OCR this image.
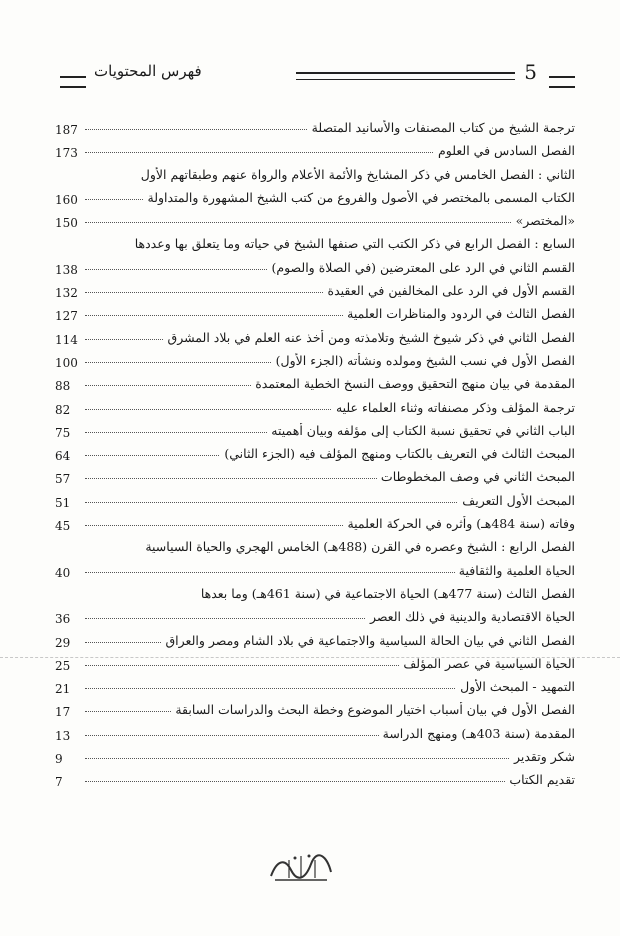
ﻓﻬﺮﺱ ﺍﻟﻤﺤﺘﻮﻳﺎﺕ	5
187	ﺗﺮﺟﻤﺔ ﺍﻟﺸﻴﺦ ﻣﻦ ﻛﺘﺎﺏ ﺍﻟﻤﺼﻨﻔﺎﺕ ﻭﺍﻷﺳﺎﻧﻴﺪ ﺍﻟﻤﺘﺼﻠﺔ
173	ﺍﻟﻔﺼﻞ ﺍﻟﺴﺎﺩﺱ ﻓﻲ ﺍﻟﻌﻠﻮﻡ
ﺍﻟﺜﺎﻧﻲ : ﺍﻟﻔﺼﻞ ﺍﻟﺨﺎﻣﺲ ﻓﻲ ﺫﻛﺮ ﺍﻟﻤﺸﺎﻳﺦ ﻭﺍﻷﺋﻤﺔ ﺍﻷﻋﻼﻡ ﻭﺍﻟﺮﻭﺍﺓ ﻋﻨﻬﻢ ﻭﻃﺒﻘﺎﺗﻬﻢ ﺍﻷﻭﻝ
160	ﺍﻟﻜﺘﺎﺏ ﺍﻟﻤﺴﻤﻰ ﺑﺎﻟﻤﺨﺘﺼﺮ ﻓﻲ ﺍﻷﺻﻮﻝ ﻭﺍﻟﻔﺮﻭﻉ ﻣﻦ ﻛﺘﺐ ﺍﻟﺸﻴﺦ ﺍﻟﻤﺸﻬﻮﺭﺓ ﻭﺍﻟﻤﺘﺪﺍﻭﻟﺔ
150	«ﺍﻟﻤﺨﺘﺼﺮ»
ﺍﻟﺴﺎﺑﻊ : ﺍﻟﻔﺼﻞ ﺍﻟﺮﺍﺑﻊ ﻓﻲ ﺫﻛﺮ ﺍﻟﻜﺘﺐ ﺍﻟﺘﻲ ﺻﻨﻔﻬﺎ ﺍﻟﺸﻴﺦ ﻓﻲ ﺣﻴﺎﺗﻪ ﻭﻣﺎ ﻳﺘﻌﻠﻖ ﺑﻬﺎ ﻭﻋﺪﺩﻫﺎ
138	ﺍﻟﻘﺴﻢ ﺍﻟﺜﺎﻧﻲ ﻓﻲ ﺍﻟﺮﺩ ﻋﻠﻰ ﺍﻟﻤﻌﺘﺮﺿﻴﻦ (ﻓﻲ ﺍﻟﺼﻼﺓ ﻭﺍﻟﺼﻮﻡ)
132	ﺍﻟﻘﺴﻢ ﺍﻷﻭﻝ ﻓﻲ ﺍﻟﺮﺩ ﻋﻠﻰ ﺍﻟﻤﺨﺎﻟﻔﻴﻦ ﻓﻲ ﺍﻟﻌﻘﻴﺪﺓ
127	ﺍﻟﻔﺼﻞ ﺍﻟﺜﺎﻟﺚ ﻓﻲ ﺍﻟﺮﺩﻭﺩ ﻭﺍﻟﻤﻨﺎﻇﺮﺍﺕ ﺍﻟﻌﻠﻤﻴﺔ
114	ﺍﻟﻔﺼﻞ ﺍﻟﺜﺎﻧﻲ ﻓﻲ ﺫﻛﺮ ﺷﻴﻮﺥ ﺍﻟﺸﻴﺦ ﻭﺗﻼﻣﺬﺗﻪ ﻭﻣﻦ ﺃﺧﺬ ﻋﻨﻪ ﺍﻟﻌﻠﻢ ﻓﻲ ﺑﻼﺩ ﺍﻟﻤﺸﺮﻕ
100	ﺍﻟﻔﺼﻞ ﺍﻷﻭﻝ ﻓﻲ ﻧﺴﺐ ﺍﻟﺸﻴﺦ ﻭﻣﻮﻟﺪﻩ ﻭﻧﺸﺄﺗﻪ (ﺍﻟﺠﺰﺀ ﺍﻷﻭﻝ)
88	ﺍﻟﻤﻘﺪﻣﺔ ﻓﻲ ﺑﻴﺎﻥ ﻣﻨﻬﺞ ﺍﻟﺘﺤﻘﻴﻖ ﻭﻭﺻﻒ ﺍﻟﻨﺴﺦ ﺍﻟﺨﻄﻴﺔ ﺍﻟﻤﻌﺘﻤﺪﺓ
82	ﺗﺮﺟﻤﺔ ﺍﻟﻤﺆﻟﻒ ﻭﺫﻛﺮ ﻣﺼﻨﻔﺎﺗﻪ ﻭﺛﻨﺎﺀ ﺍﻟﻌﻠﻤﺎﺀ ﻋﻠﻴﻪ
75	ﺍﻟﺒﺎﺏ ﺍﻟﺜﺎﻧﻲ ﻓﻲ ﺗﺤﻘﻴﻖ ﻧﺴﺒﺔ ﺍﻟﻜﺘﺎﺏ ﺇﻟﻰ ﻣﺆﻟﻔﻪ ﻭﺑﻴﺎﻥ ﺃﻫﻤﻴﺘﻪ
64	ﺍﻟﻤﺒﺤﺚ ﺍﻟﺜﺎﻟﺚ ﻓﻲ ﺍﻟﺘﻌﺮﻳﻒ ﺑﺎﻟﻜﺘﺎﺏ ﻭﻣﻨﻬﺞ ﺍﻟﻤﺆﻟﻒ ﻓﻴﻪ (ﺍﻟﺠﺰﺀ ﺍﻟﺜﺎﻧﻲ)
57	ﺍﻟﻤﺒﺤﺚ ﺍﻟﺜﺎﻧﻲ ﻓﻲ ﻭﺻﻒ ﺍﻟﻤﺨﻄﻮﻃﺎﺕ
51	ﺍﻟﻤﺒﺤﺚ ﺍﻷﻭﻝ ﺍﻟﺘﻌﺮﻳﻒ
45	ﻭﻓﺎﺗﻪ (ﺳﻨﺔ 484ﻫـ) ﻭﺃﺛﺮﻩ ﻓﻲ ﺍﻟﺤﺮﻛﺔ ﺍﻟﻌﻠﻤﻴﺔ
ﺍﻟﻔﺼﻞ ﺍﻟﺮﺍﺑﻊ : ﺍﻟﺸﻴﺦ ﻭﻋﺼﺮﻩ ﻓﻲ ﺍﻟﻘﺮﻥ (488ﻫـ) ﺍﻟﺨﺎﻣﺲ ﺍﻟﻬﺠﺮﻱ ﻭﺍﻟﺤﻴﺎﺓ ﺍﻟﺴﻴﺎﺳﻴﺔ
40	ﺍﻟﺤﻴﺎﺓ ﺍﻟﻌﻠﻤﻴﺔ ﻭﺍﻟﺜﻘﺎﻓﻴﺔ
ﺍﻟﻔﺼﻞ ﺍﻟﺜﺎﻟﺚ (ﺳﻨﺔ 477ﻫـ) ﺍﻟﺤﻴﺎﺓ ﺍﻻﺟﺘﻤﺎﻋﻴﺔ ﻓﻲ (ﺳﻨﺔ 461ﻫـ) ﻭﻣﺎ ﺑﻌﺪﻫﺎ
36	ﺍﻟﺤﻴﺎﺓ ﺍﻻﻗﺘﺼﺎﺩﻳﺔ ﻭﺍﻟﺪﻳﻨﻴﺔ ﻓﻲ ﺫﻟﻚ ﺍﻟﻌﺼﺮ
29	ﺍﻟﻔﺼﻞ ﺍﻟﺜﺎﻧﻲ ﻓﻲ ﺑﻴﺎﻥ ﺍﻟﺤﺎﻟﺔ ﺍﻟﺴﻴﺎﺳﻴﺔ ﻭﺍﻻﺟﺘﻤﺎﻋﻴﺔ ﻓﻲ ﺑﻼﺩ ﺍﻟﺸﺎﻡ ﻭﻣﺼﺮ ﻭﺍﻟﻌﺮﺍﻕ
25	ﺍﻟﺤﻴﺎﺓ ﺍﻟﺴﻴﺎﺳﻴﺔ ﻓﻲ ﻋﺼﺮ ﺍﻟﻤﺆﻟﻒ
21	ﺍﻟﺘﻤﻬﻴﺪ - ﺍﻟﻤﺒﺤﺚ ﺍﻷﻭﻝ
17	ﺍﻟﻔﺼﻞ ﺍﻷﻭﻝ ﻓﻲ ﺑﻴﺎﻥ ﺃﺳﺒﺎﺏ ﺍﺧﺘﻴﺎﺭ ﺍﻟﻤﻮﺿﻮﻉ ﻭﺧﻄﺔ ﺍﻟﺒﺤﺚ ﻭﺍﻟﺪﺭﺍﺳﺎﺕ ﺍﻟﺴﺎﺑﻘﺔ
13	ﺍﻟﻤﻘﺪﻣﺔ (ﺳﻨﺔ 403ﻫـ) ﻭﻣﻨﻬﺞ ﺍﻟﺪﺭﺍﺳﺔ
9	ﺷﻜﺮ ﻭﺗﻘﺪﻳﺮ
7	ﺗﻘﺪﻳﻢ ﺍﻟﻜﺘﺎﺏ
